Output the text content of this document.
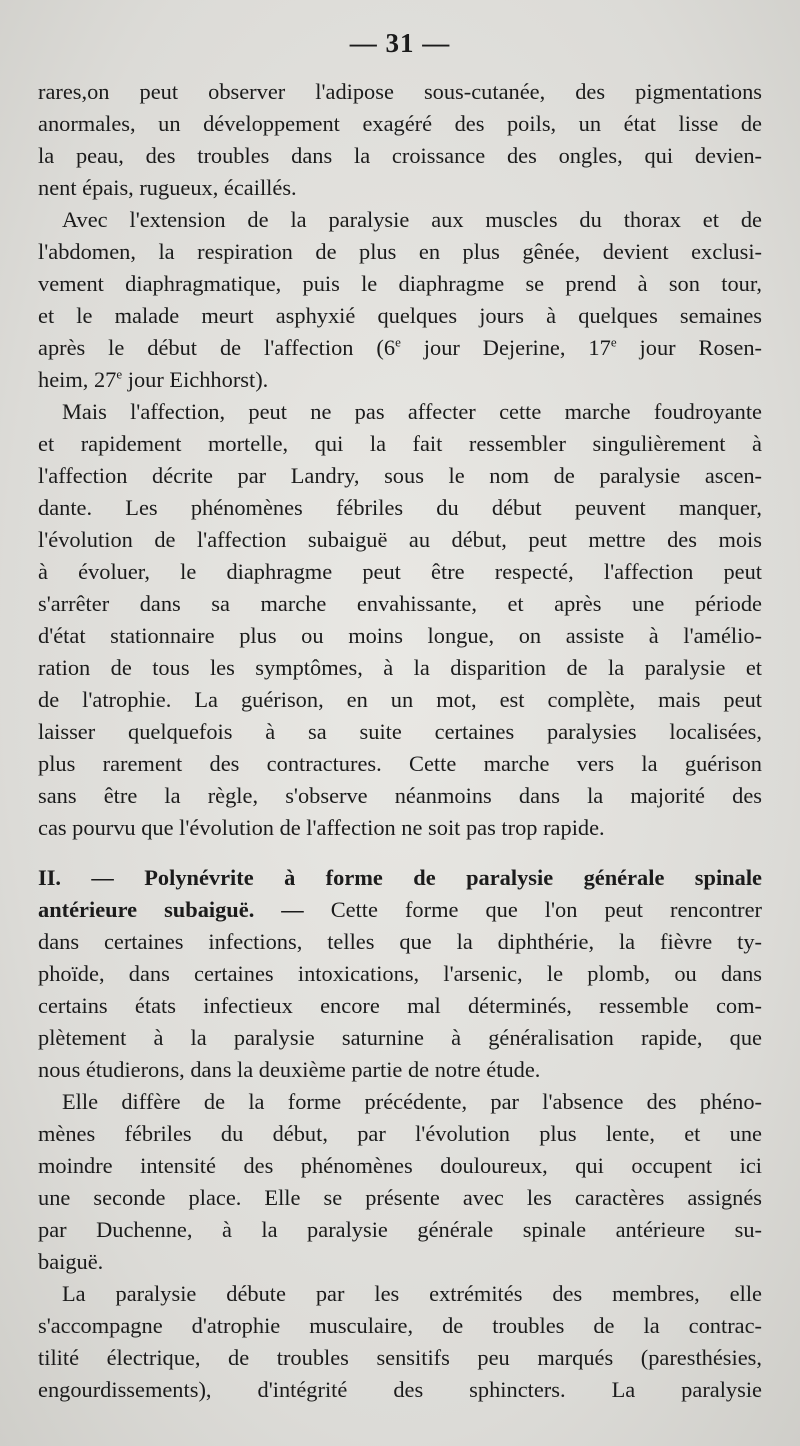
— 31 —
rares,on peut observer l'adipose sous-cutanée, des pigmentations
anormales, un développement exagéré des poils, un état lisse de
la peau, des troubles dans la croissance des ongles, qui devien-
nent épais, rugueux, écaillés.
Avec l'extension de la paralysie aux muscles du thorax et de
l'abdomen, la respiration de plus en plus gênée, devient exclusi-
vement diaphragmatique, puis le diaphragme se prend à son tour,
et le malade meurt asphyxié quelques jours à quelques semaines
après le début de l'affection (6e jour Dejerine, 17e jour Rosen-
heim, 27e jour Eichhorst).
Mais l'affection, peut ne pas affecter cette marche foudroyante
et rapidement mortelle, qui la fait ressembler singulièrement à
l'affection décrite par Landry, sous le nom de paralysie ascen-
dante. Les phénomènes fébriles du début peuvent manquer,
l'évolution de l'affection subaiguë au début, peut mettre des mois
à évoluer, le diaphragme peut être respecté, l'affection peut
s'arrêter dans sa marche envahissante, et après une période
d'état stationnaire plus ou moins longue, on assiste à l'amélio-
ration de tous les symptômes, à la disparition de la paralysie et
de l'atrophie. La guérison, en un mot, est complète, mais peut
laisser quelquefois à sa suite certaines paralysies localisées,
plus rarement des contractures. Cette marche vers la guérison
sans être la règle, s'observe néanmoins dans la majorité des
cas pourvu que l'évolution de l'affection ne soit pas trop rapide.
II. — Polynévrite à forme de paralysie générale spinale
antérieure subaiguë. — Cette forme que l'on peut rencontrer
dans certaines infections, telles que la diphthérie, la fièvre ty-
phoïde, dans certaines intoxications, l'arsenic, le plomb, ou dans
certains états infectieux encore mal déterminés, ressemble com-
plètement à la paralysie saturnine à généralisation rapide, que
nous étudierons, dans la deuxième partie de notre étude.
Elle diffère de la forme précédente, par l'absence des phéno-
mènes fébriles du début, par l'évolution plus lente, et une
moindre intensité des phénomènes douloureux, qui occupent ici
une seconde place. Elle se présente avec les caractères assignés
par Duchenne, à la paralysie générale spinale antérieure su-
baiguë.
La paralysie débute par les extrémités des membres, elle
s'accompagne d'atrophie musculaire, de troubles de la contrac-
tilité électrique, de troubles sensitifs peu marqués (paresthésies,
engourdissements), d'intégrité des sphincters. La paralysie
